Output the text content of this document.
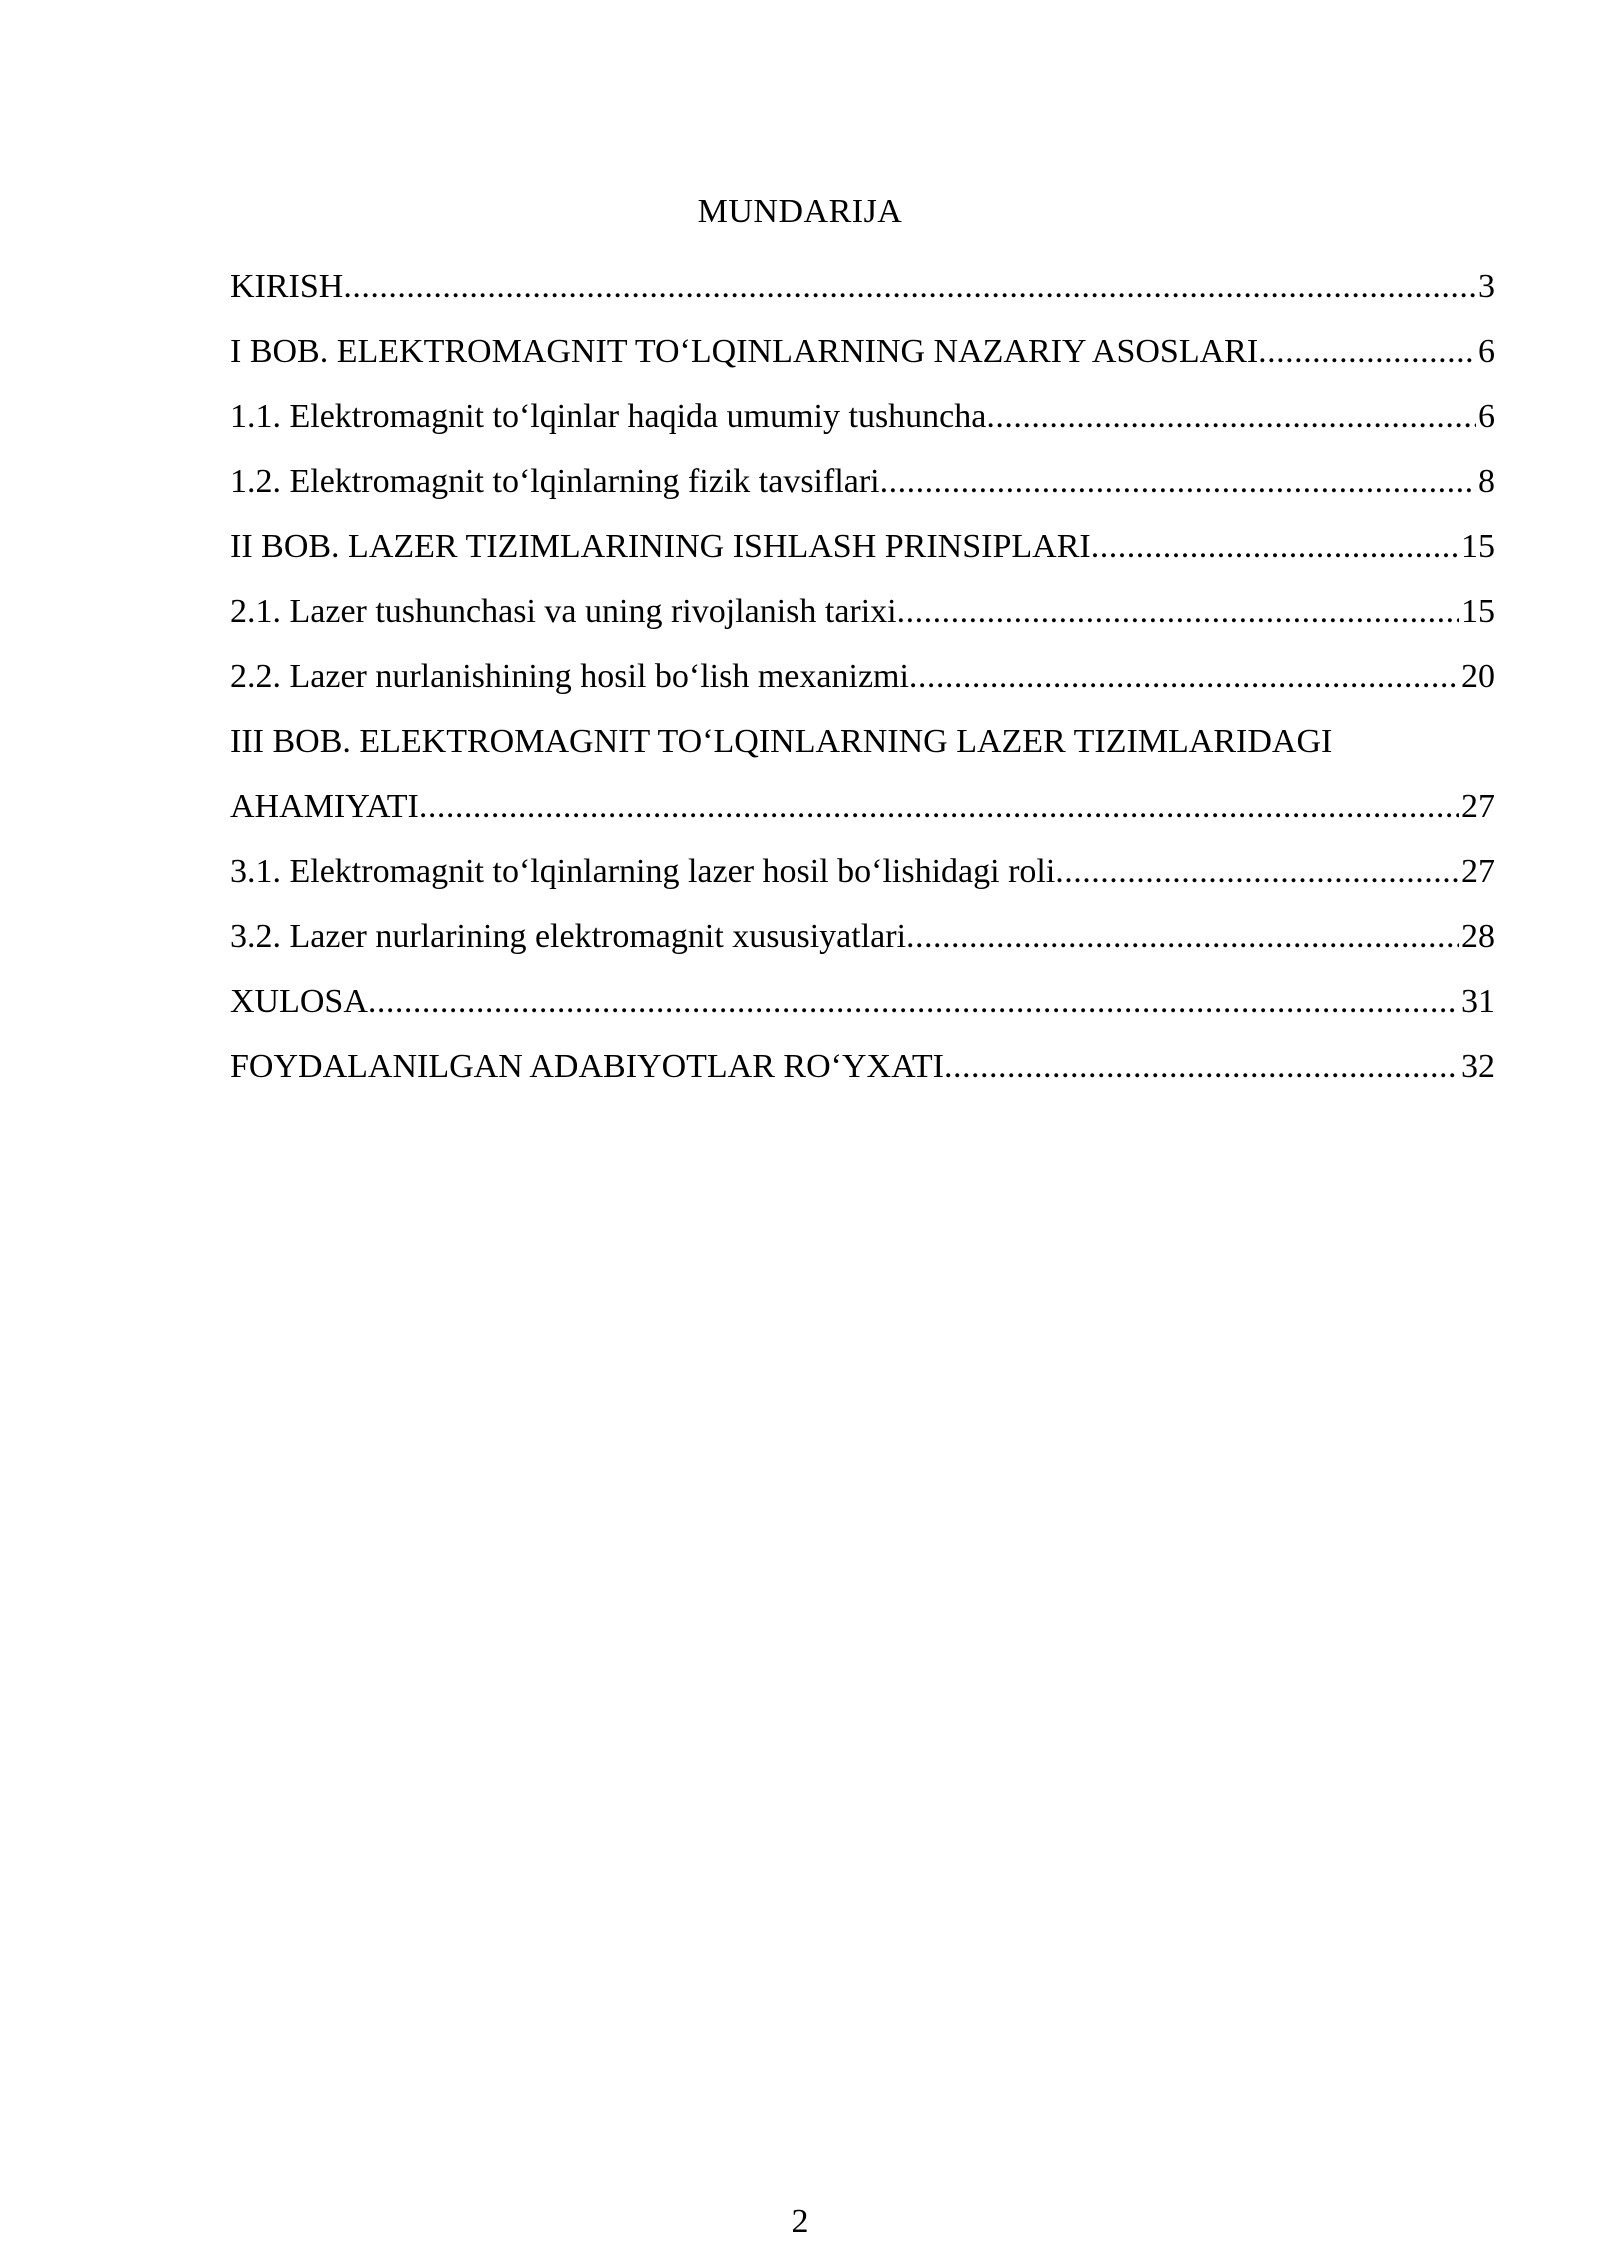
MUNDARIJA
KIRISH .....	3
I BOB. ELEKTROMAGNIT TO‘LQINLARNING NAZARIY ASOSLARI .....	6
1.1. Elektromagnit to‘lqinlar haqida umumiy tushuncha .....	6
1.2. Elektromagnit to‘lqinlarning fizik tavsiflari .....	8
II BOB. LAZER TIZIMLARINING ISHLASH PRINSIPLARI .....	15
2.1. Lazer tushunchasi va uning rivojlanish tarixi .....	15
2.2. Lazer nurlanishining hosil bo‘lish mexanizmi .....	20
III BOB. ELEKTROMAGNIT TO‘LQINLARNING LAZER TIZIMLARIDAGI
AHAMIYATI .....	27
3.1. Elektromagnit to‘lqinlarning lazer hosil bo‘lishidagi roli .....	27
3.2. Lazer nurlarining elektromagnit xususiyatlari .....	28
XULOSA .....	31
FOYDALANILGAN ADABIYOTLAR RO‘YXATI .....	32
2
